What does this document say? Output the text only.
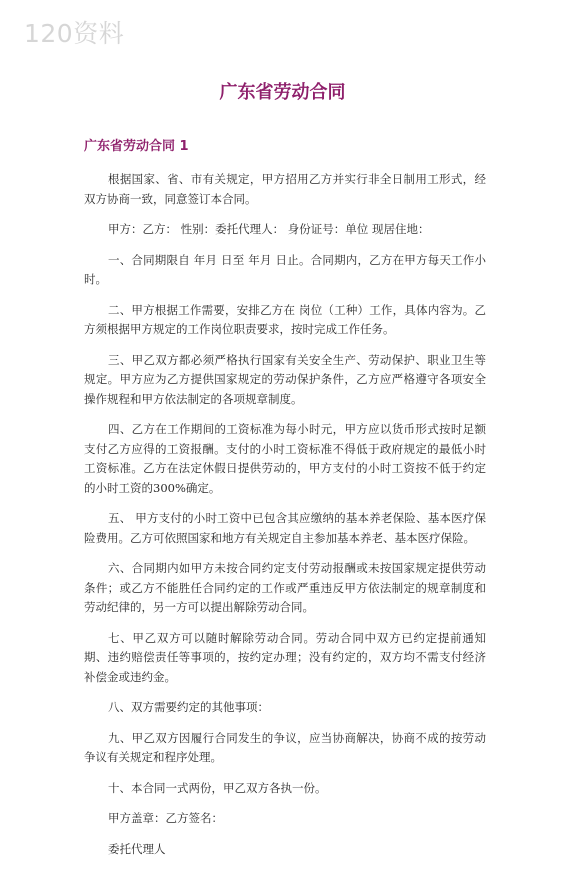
120资料
广东省劳动合同
广东省劳动合同 1

根据国家、省、市有关规定，甲方招用乙方并实行非全日制用工形式，经双方协商一致，同意签订本合同。

甲方：乙方： 性别：委托代理人： 身份证号：单位 现居住地：

一、合同期限自 年月 日至 年月 日止。合同期内，乙方在甲方每天工作小时。

二、甲方根据工作需要，安排乙方在 岗位（工种）工作，具体内容为。乙方须根据甲方规定的工作岗位职责要求，按时完成工作任务。

三、甲乙双方都必须严格执行国家有关安全生产、劳动保护、职业卫生等规定。甲方应为乙方提供国家规定的劳动保护条件，乙方应严格遵守各项安全操作规程和甲方依法制定的各项规章制度。

四、乙方在工作期间的工资标准为每小时元，甲方应以货币形式按时足额支付乙方应得的工资报酬。支付的小时工资标准不得低于政府规定的最低小时工资标准。乙方在法定休假日提供劳动的，甲方支付的小时工资按不低于约定的小时工资的300%确定。

五、 甲方支付的小时工资中已包含其应缴纳的基本养老保险、基本医疗保险费用。乙方可依照国家和地方有关规定自主参加基本养老、基本医疗保险。

六、合同期内如甲方未按合同约定支付劳动报酬或未按国家规定提供劳动条件；或乙方不能胜任合同约定的工作或严重违反甲方依法制定的规章制度和劳动纪律的，另一方可以提出解除劳动合同。

七、甲乙双方可以随时解除劳动合同。劳动合同中双方已约定提前通知期、违约赔偿责任等事项的，按约定办理；没有约定的，双方均不需支付经济补偿金或违约金。

八、双方需要约定的其他事项：

九、甲乙双方因履行合同发生的争议，应当协商解决，协商不成的按劳动争议有关规定和程序处理。

十、本合同一式两份，甲乙双方各执一份。

甲方盖章：乙方签名：

委托代理人
